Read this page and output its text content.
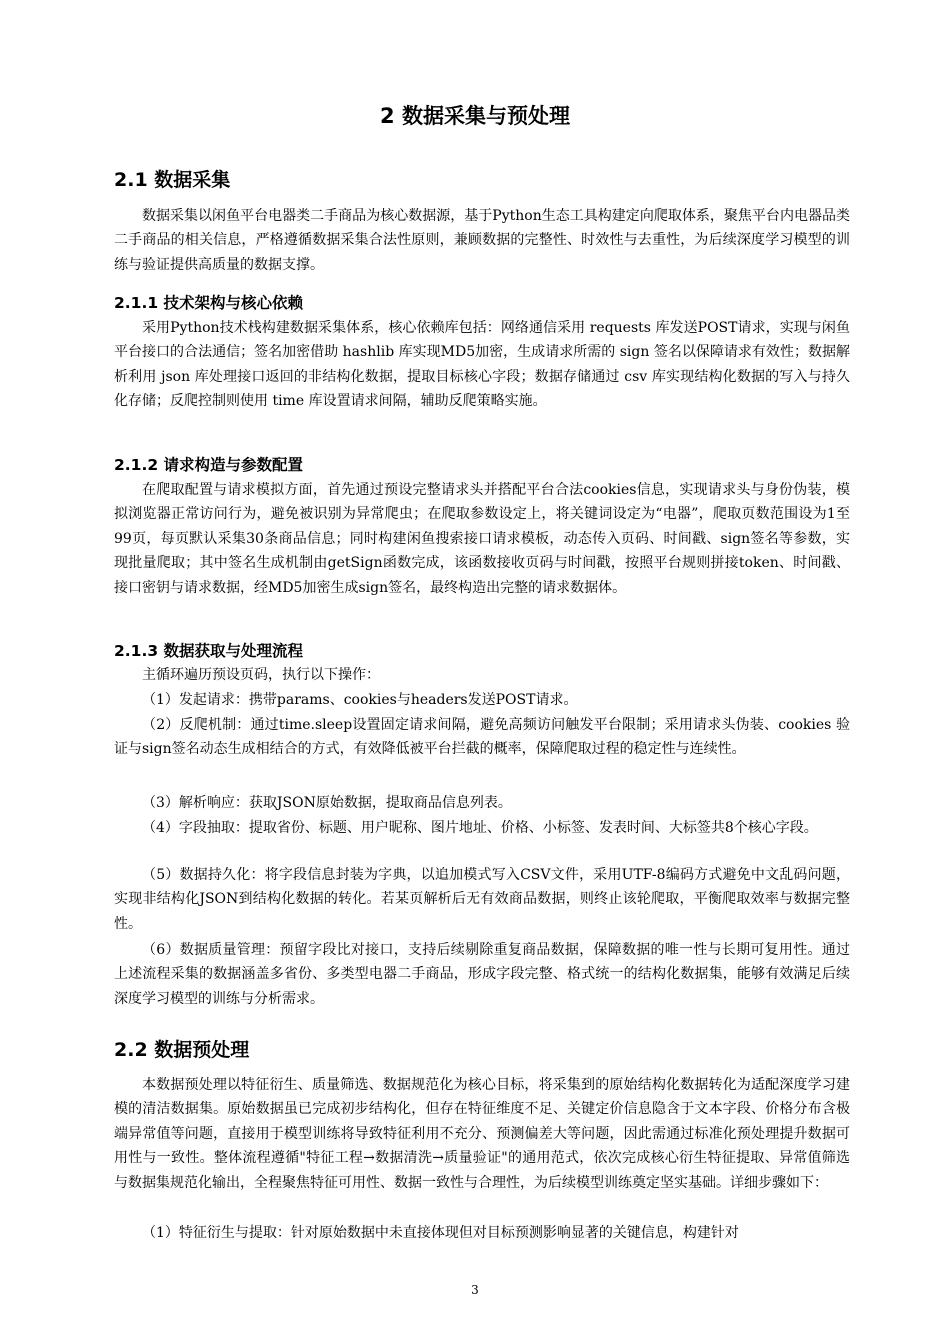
2 数据采集与预处理
2.1 数据采集

数据采集以闲鱼平台电器类二手商品为核心数据源，基于Python生态工具构建定向爬取体系，聚焦平台内电器品类二手商品的相关信息，严格遵循数据采集合法性原则，兼顾数据的完整性、时效性与去重性，为后续深度学习模型的训练与验证提供高质量的数据支撑。

2.1.1 技术架构与核心依赖

采用Python技术栈构建数据采集体系，核心依赖库包括：网络通信采用 requests 库发送POST请求，实现与闲鱼平台接口的合法通信；签名加密借助 hashlib 库实现MD5加密，生成请求所需的 sign 签名以保障请求有效性；数据解析利用 json 库处理接口返回的非结构化数据，提取目标核心字段；数据存储通过 csv 库实现结构化数据的写入与持久化存储；反爬控制则使用 time 库设置请求间隔，辅助反爬策略实施。

2.1.2 请求构造与参数配置

在爬取配置与请求模拟方面，首先通过预设完整请求头并搭配平台合法cookies信息，实现请求头与身份伪装，模拟浏览器正常访问行为，避免被识别为异常爬虫；在爬取参数设定上，将关键词设定为“电器”，爬取页数范围设为1至99页，每页默认采集30条商品信息；同时构建闲鱼搜索接口请求模板，动态传入页码、时间戳、sign签名等参数，实现批量爬取；其中签名生成机制由getSign函数完成，该函数接收页码与时间戳，按照平台规则拼接token、时间戳、接口密钥与请求数据，经MD5加密生成sign签名，最终构造出完整的请求数据体。

2.1.3 数据获取与处理流程

主循环遍历预设页码，执行以下操作：

（1）发起请求：携带params、cookies与headers发送POST请求。

（2）反爬机制：通过time.sleep设置固定请求间隔，避免高频访问触发平台限制；采用请求头伪装、cookies 验证与sign签名动态生成相结合的方式，有效降低被平台拦截的概率，保障爬取过程的稳定性与连续性。

（3）解析响应：获取JSON原始数据，提取商品信息列表。

（4）字段抽取：提取省份、标题、用户昵称、图片地址、价格、小标签、发表时间、大标签共8个核心字段。

（5）数据持久化：将字段信息封装为字典，以追加模式写入CSV文件，采用UTF-8编码方式避免中文乱码问题，实现非结构化JSON到结构化数据的转化。若某页解析后无有效商品数据，则终止该轮爬取，平衡爬取效率与数据完整性。

（6）数据质量管理：预留字段比对接口，支持后续剔除重复商品数据，保障数据的唯一性与长期可复用性。通过上述流程采集的数据涵盖多省份、多类型电器二手商品，形成字段完整、格式统一的结构化数据集，能够有效满足后续深度学习模型的训练与分析需求。

2.2 数据预处理

本数据预处理以特征衍生、质量筛选、数据规范化为核心目标，将采集到的原始结构化数据转化为适配深度学习建模的清洁数据集。原始数据虽已完成初步结构化，但存在特征维度不足、关键定价信息隐含于文本字段、价格分布含极端异常值等问题，直接用于模型训练将导致特征利用不充分、预测偏差大等问题，因此需通过标准化预处理提升数据可用性与一致性。整体流程遵循"特征工程→数据清洗→质量验证"的通用范式，依次完成核心衍生特征提取、异常值筛选与数据集规范化输出，全程聚焦特征可用性、数据一致性与合理性，为后续模型训练奠定坚实基础。详细步骤如下：

（1）特征衍生与提取：针对原始数据中未直接体现但对目标预测影响显著的关键信息，构建针对

3
